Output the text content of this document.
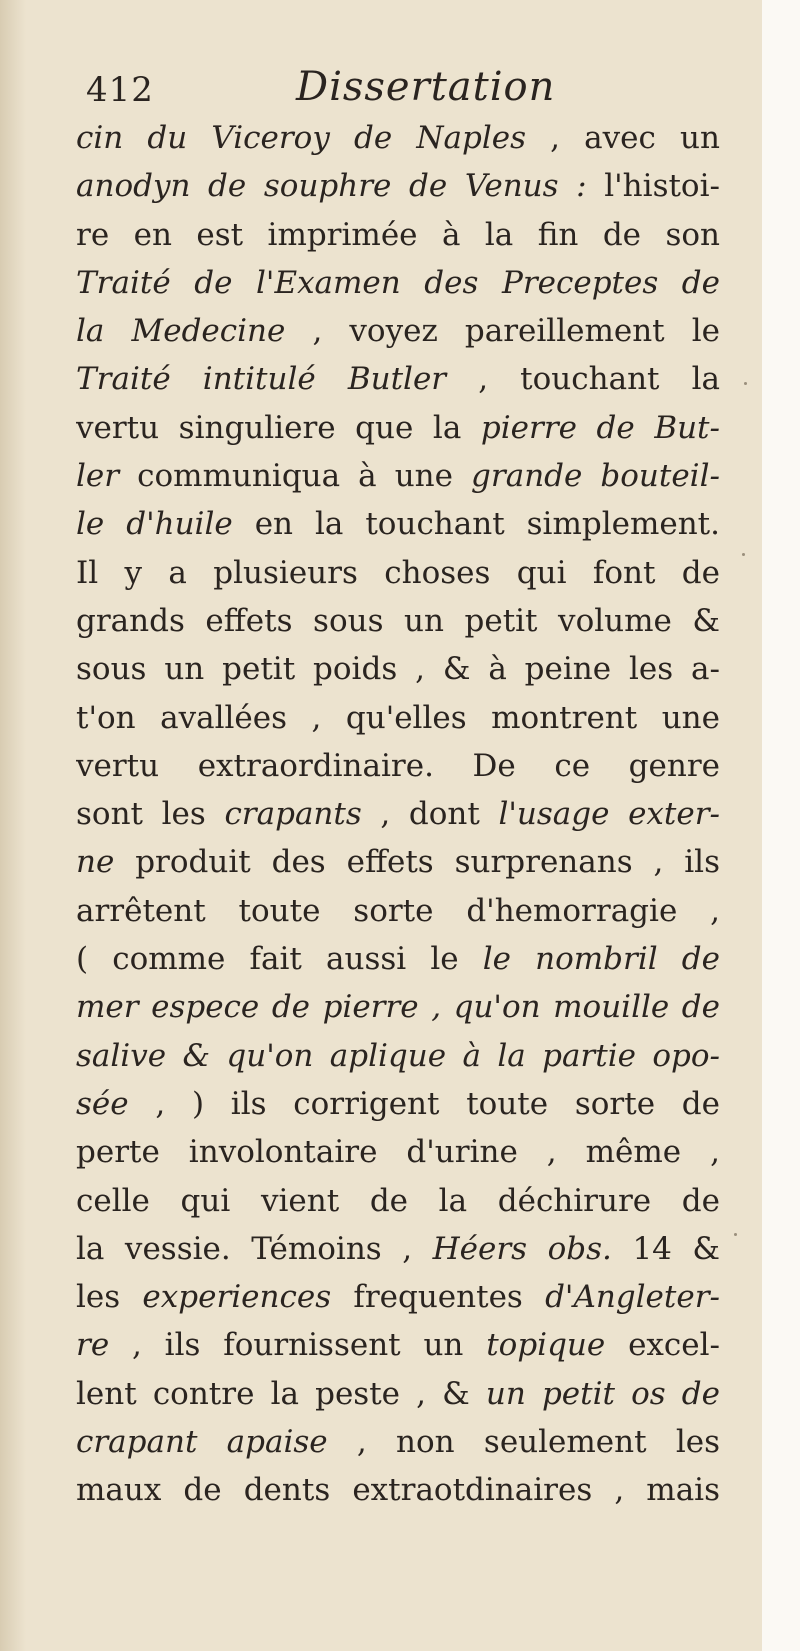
412	Dissertation
cin du Viceroy de Naples , avec un
anodyn de souphre de Venus : l'histoi-
re en est imprimée à la fin de son
Traité de l'Examen des Preceptes de
la Medecine , voyez pareillement le
Traité intitulé Butler , touchant la
vertu singuliere que la pierre de But-
ler communiqua à une grande bouteil-
le d'huile en la touchant simplement.
Il y a plusieurs choses qui font de
grands effets sous un petit volume &
sous un petit poids , & à peine les a-
t'on avallées , qu'elles montrent une
vertu extraordinaire. De ce genre
sont les crapants , dont l'usage exter-
ne produit des effets surprenans , ils
arrêtent toute sorte d'hemorragie ,
( comme fait aussi le le nombril de
mer espece de pierre , qu'on mouille de
salive & qu'on aplique à la partie opo-
sée , ) ils corrigent toute sorte de
perte involontaire d'urine , même ,
celle qui vient de la déchirure de
la vessie. Témoins , Héers obs. 14 &
les experiences frequentes d'Angleter-
re , ils fournissent un topique excel-
lent contre la peste , & un petit os de
crapant apaise , non seulement les
maux de dents extraotdinaires , mais
